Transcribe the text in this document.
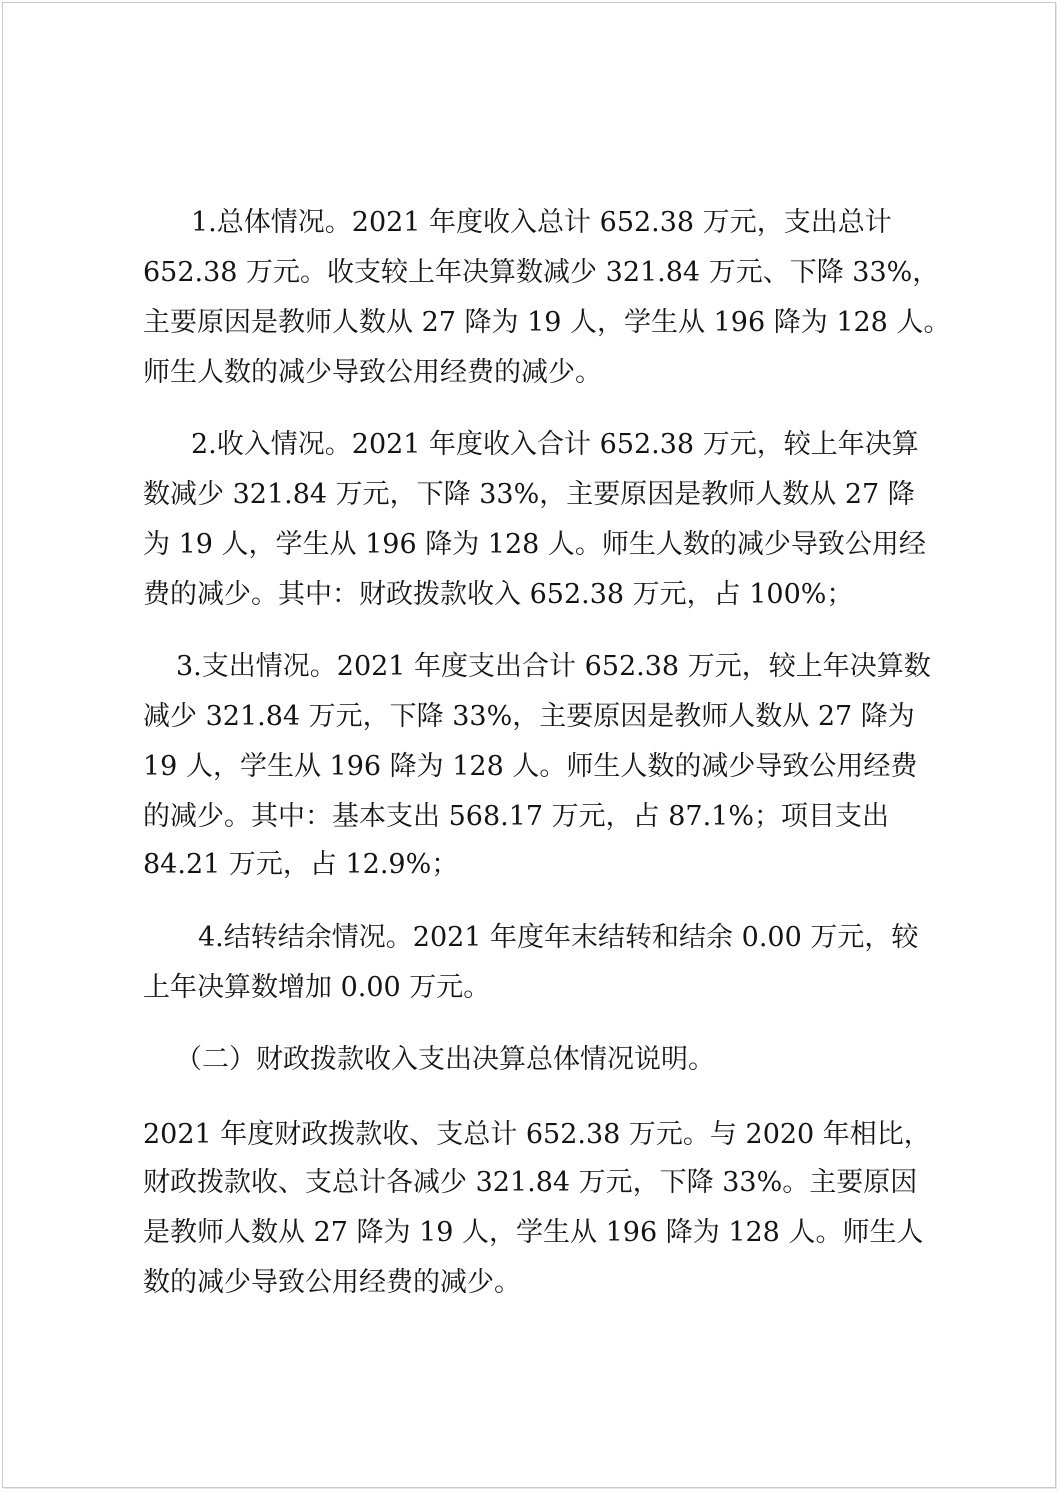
1.总体情况。2021 年度收入总计 652.38 万元，支出总计
652.38 万元。收支较上年决算数减少 321.84 万元、下降 33%，
主要原因是教师人数从 27 降为 19 人，学生从 196 降为 128 人。
师生人数的减少导致公用经费的减少。
2.收入情况。2021 年度收入合计 652.38 万元，较上年决算
数减少 321.84 万元，下降 33%，主要原因是教师人数从 27 降
为 19 人，学生从 196 降为 128 人。师生人数的减少导致公用经
费的减少。其中：财政拨款收入 652.38 万元，占 100%；
3.支出情况。2021 年度支出合计 652.38 万元，较上年决算数
减少 321.84 万元，下降 33%，主要原因是教师人数从 27 降为
19 人，学生从 196 降为 128 人。师生人数的减少导致公用经费
的减少。其中：基本支出 568.17 万元，占 87.1%；项目支出
84.21 万元，占 12.9%；
4.结转结余情况。2021 年度年末结转和结余 0.00 万元，较
上年决算数增加 0.00 万元。
（二）财政拨款收入支出决算总体情况说明。
2021 年度财政拨款收、支总计 652.38 万元。与 2020 年相比，
财政拨款收、支总计各减少 321.84 万元，下降 33%。主要原因
是教师人数从 27 降为 19 人，学生从 196 降为 128 人。师生人
数的减少导致公用经费的减少。
